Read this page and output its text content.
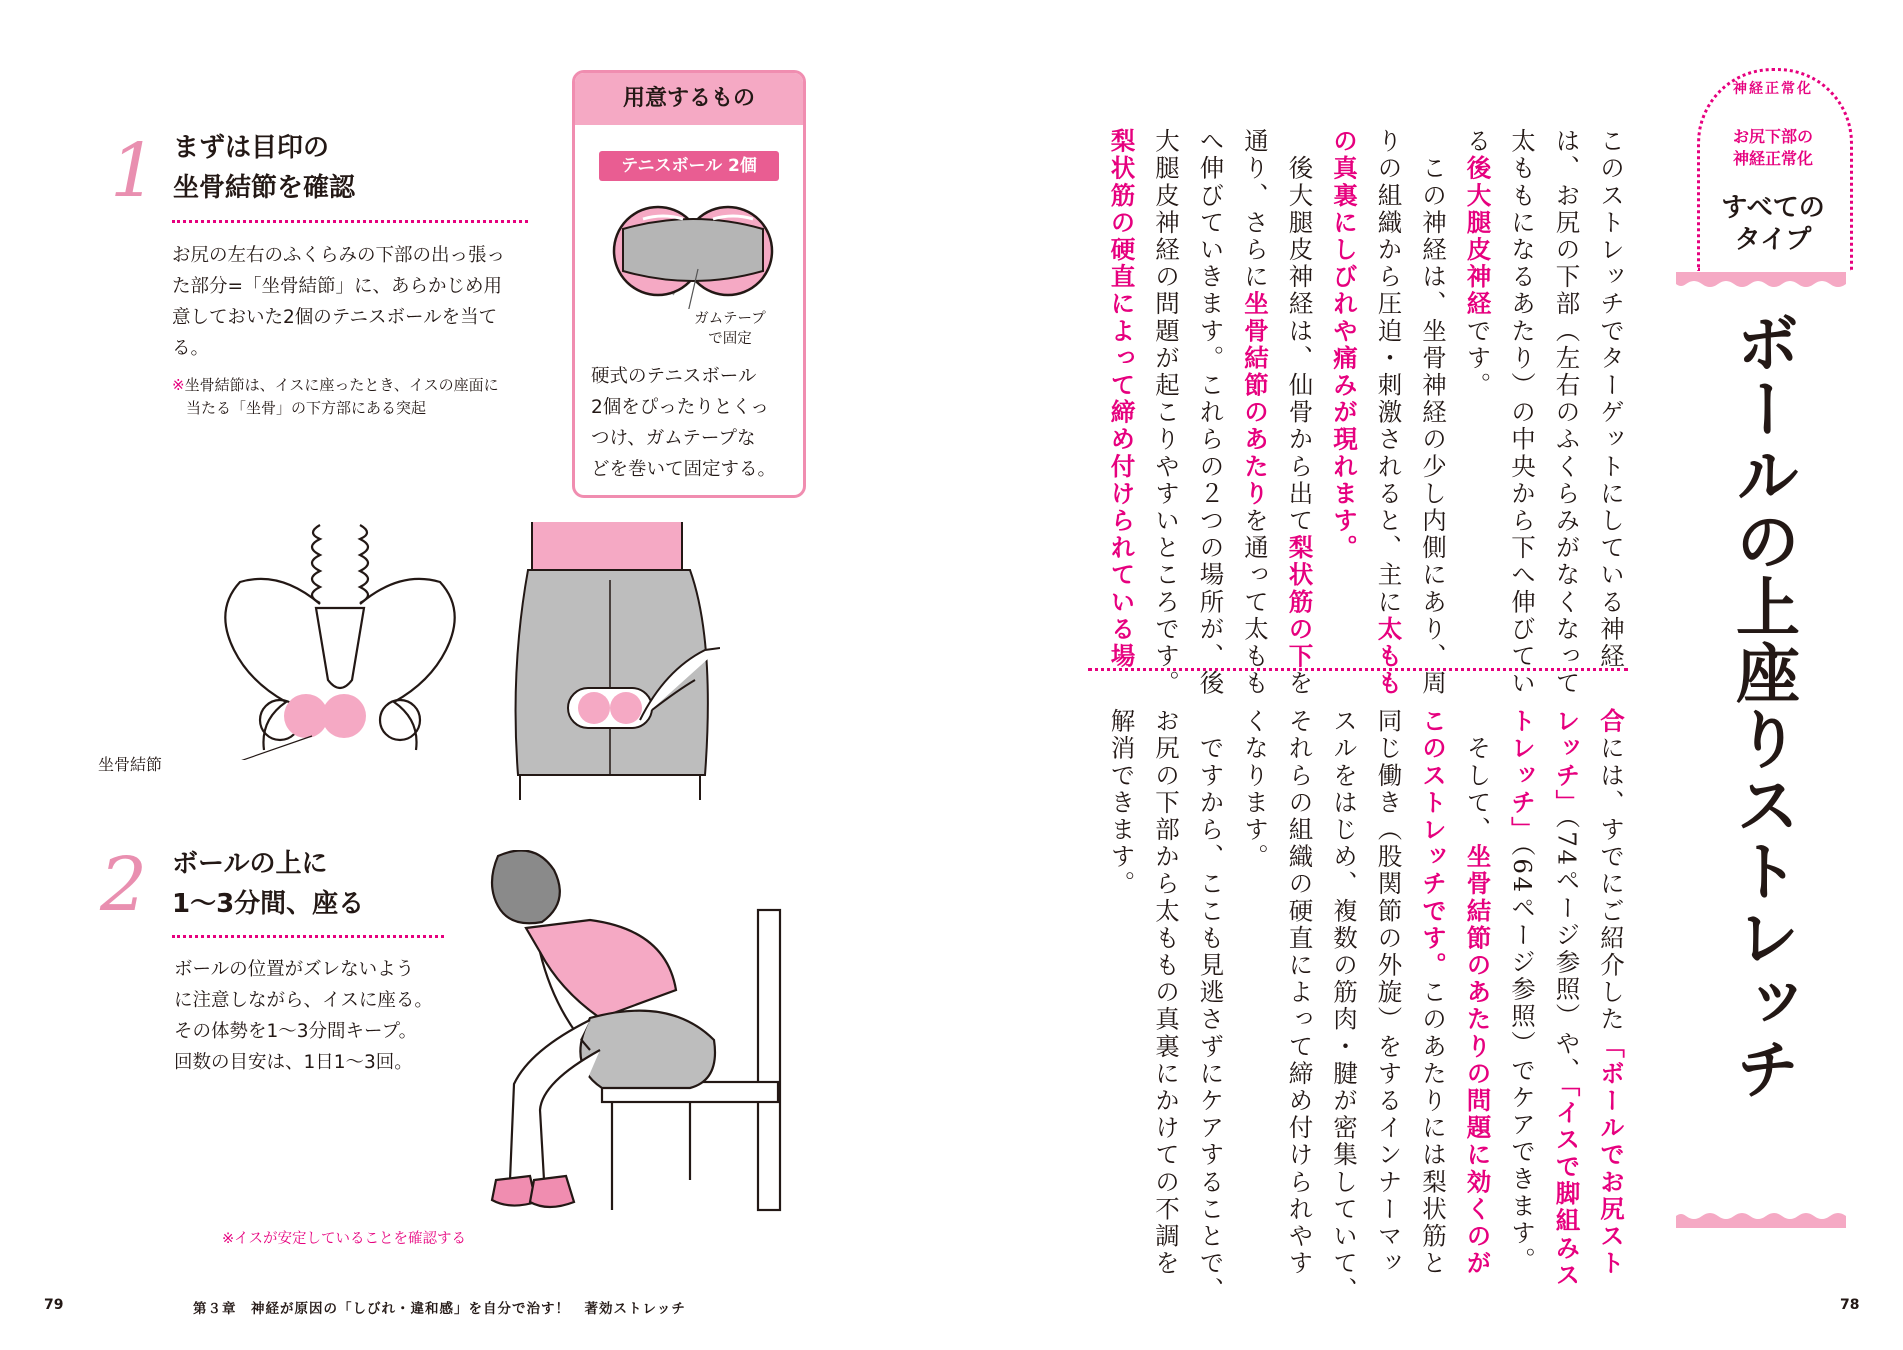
1 まずは目印の
坐骨結節を確認
お尻の左右のふくらみの下部の出っ張っ
た部分=「坐骨結節」に、あらかじめ用
意しておいた2個のテニスボールを当て
る。
※坐骨結節は、イスに座ったとき、イスの座面に
当たる「坐骨」の下方部にある突起
用意するもの
テニスボール 2個
ガムテープ
で固定
硬式のテニスボール
2個をぴったりとくっ
つけ、ガムテープな
どを巻いて固定する。
坐骨結節
2 ボールの上に
1～3分間、座る
ボールの位置がズレないよう
に注意しながら、イスに座る。
その体勢を1～3分間キープ。
回数の目安は、1日1～3回。
※イスが安定していることを確認する
79	第３章　神経が原因の「しびれ・違和感」を自分で治す！　著効ストレッチ
神経正常化
お尻下部の
神経正常化
すべての
タイプ
ボールの上座りストレッチ
このストレッチでターゲットにしている神経
は、お尻の下部（左右のふくらみがなくなって
太ももになるあたり）の中央から下へ伸びてい
る後大腿皮神経です。
　この神経は、坐骨神経の少し内側にあり、周
りの組織から圧迫・刺激されると、主に太もも
の真裏にしびれや痛みが現れます。
　後大腿皮神経は、仙骨から出て梨状筋の下を
通り、さらに坐骨結節のあたりを通って太もも
へ伸びていきます。これらの２つの場所が、後
大腿皮神経の問題が起こりやすいところです。
梨状筋の硬直によって締め付けられている場
合には、すでにご紹介した「ボールでお尻スト
レッチ」（74ページ参照）や、「イスで脚組みス
トレッチ」（64ページ参照）でケアできます。
　そして、坐骨結節のあたりの問題に効くのが
このストレッチです。このあたりには梨状筋と
同じ働き（股関節の外旋）をするインナーマッ
スルをはじめ、複数の筋肉・腱が密集していて、
それらの組織の硬直によって締め付けられやす
くなります。
　ですから、ここも見逃さずにケアすることで、
お尻の下部から太ももの真裏にかけての不調を
解消できます。
78
